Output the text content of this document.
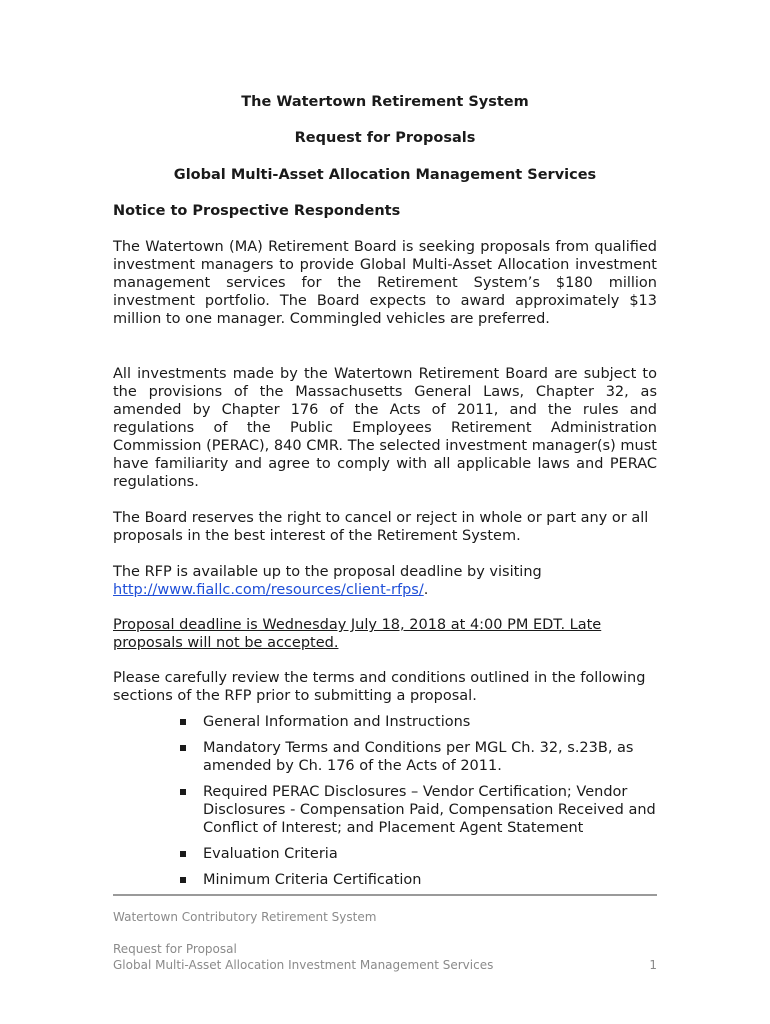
The Watertown Retirement System
Request for Proposals
Global Multi-Asset Allocation Management Services
Notice to Prospective Respondents

The Watertown (MA) Retirement Board is seeking proposals from qualified investment managers to provide Global Multi-Asset Allocation investment management services for the Retirement System’s $180 million investment portfolio. The Board expects to award approximately $13 million to one manager. Commingled vehicles are preferred.

All investments made by the Watertown Retirement Board are subject to the provisions of the Massachusetts General Laws, Chapter 32, as amended by Chapter 176 of the Acts of 2011, and the rules and regulations of the Public Employees Retirement Administration Commission (PERAC), 840 CMR. The selected investment manager(s) must have familiarity and agree to comply with all applicable laws and PERAC regulations.

The Board reserves the right to cancel or reject in whole or part any or all proposals in the best interest of the Retirement System.

The RFP is available up to the proposal deadline by visiting
http://www.fiallc.com/resources/client-rfps/.

Proposal deadline is Wednesday July 18, 2018 at 4:00 PM EDT. Late proposals will not be accepted.

Please carefully review the terms and conditions outlined in the following sections of the RFP prior to submitting a proposal.

General Information and Instructions
Mandatory Terms and Conditions per MGL Ch. 32, s.23B, as amended by Ch. 176 of the Acts of 2011.
Required PERAC Disclosures – Vendor Certification; Vendor Disclosures - Compensation Paid, Compensation Received and Conflict of Interest; and Placement Agent Statement
Evaluation Criteria
Minimum Criteria Certification
Watertown Contributory Retirement System
Request for Proposal
Global Multi-Asset Allocation Investment Management Services	1
